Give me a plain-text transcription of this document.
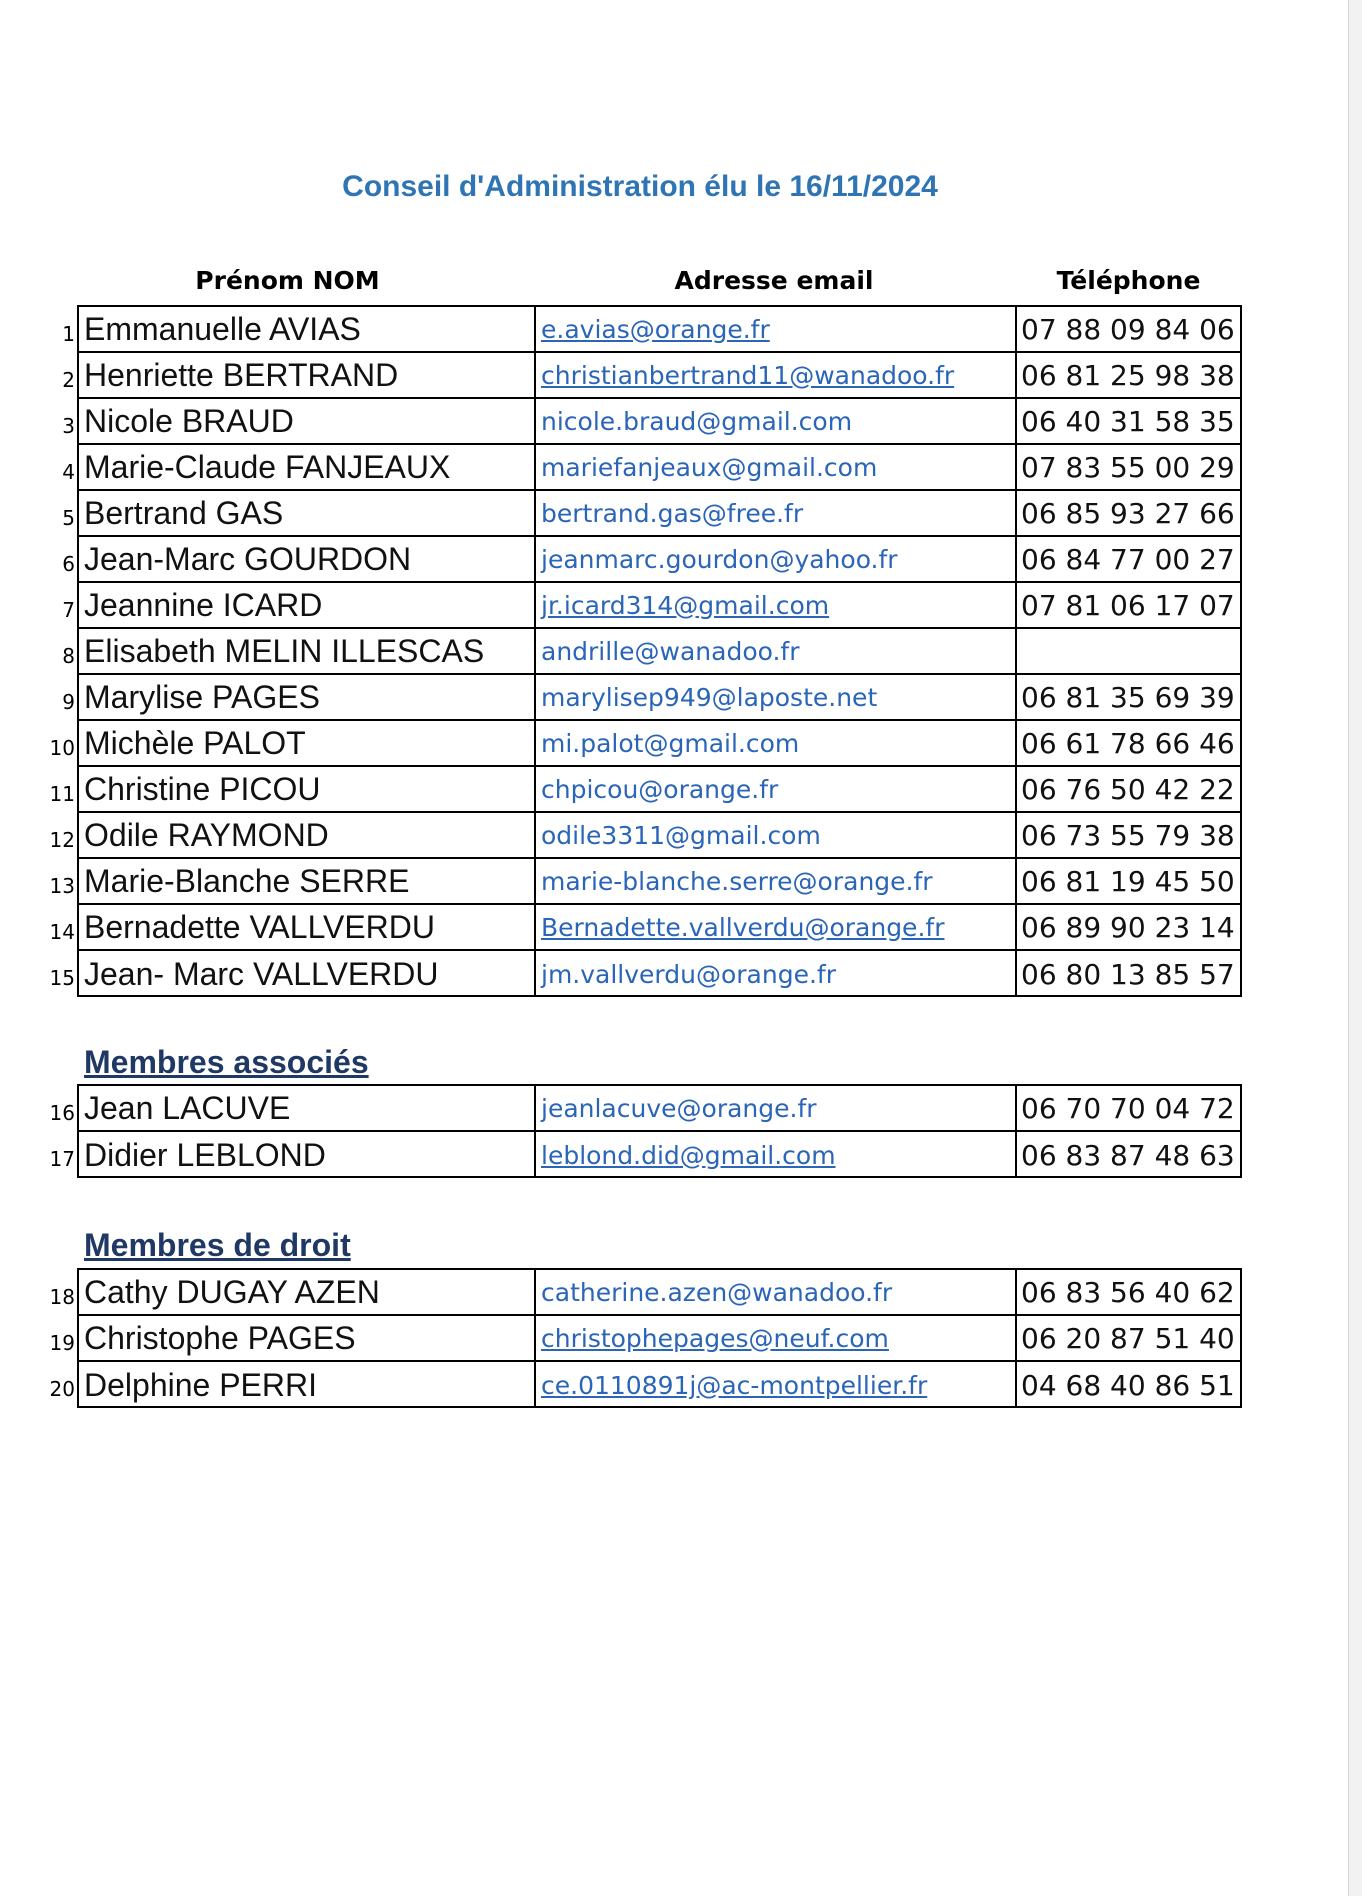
Conseil d'Administration élu le 16/11/2024
Prénom NOM	Adresse email	Téléphone
1 Emmanuelle AVIAS	e.avias@orange.fr	07 88 09 84 06
2 Henriette BERTRAND	christianbertrand11@wanadoo.fr 06 81 25 98 38
3 Nicole BRAUD	nicole.braud@gmail.com	06 40 31 58 35
4 Marie-Claude FANJEAUX	mariefanjeaux@gmail.com	07 83 55 00 29
5 Bertrand GAS	bertrand.gas@free.fr	06 85 93 27 66
6 Jean-Marc GOURDON	jeanmarc.gourdon@yahoo.fr	06 84 77 00 27
7 Jeannine ICARD	jr.icard314@gmail.com	07 81 06 17 07
8 Elisabeth MELIN ILLESCAS	andrille@wanadoo.fr
9 Marylise PAGES	marylisep949@laposte.net	06 81 35 69 39
10 Michèle PALOT	mi.palot@gmail.com	06 61 78 66 46
11 Christine PICOU	chpicou@orange.fr	06 76 50 42 22
12 Odile RAYMOND	odile3311@gmail.com	06 73 55 79 38
13 Marie-Blanche SERRE	marie-blanche.serre@orange.fr	06 81 19 45 50
14 Bernadette VALLVERDU	Bernadette.vallverdu@orange.fr	06 89 90 23 14
15 Jean- Marc VALLVERDU	jm.vallverdu@orange.fr	06 80 13 85 57
Membres associés
16 Jean LACUVE	jeanlacuve@orange.fr	06 70 70 04 72
17 Didier LEBLOND	leblond.did@gmail.com	06 83 87 48 63
Membres de droit
18 Cathy DUGAY AZEN	catherine.azen@wanadoo.fr	06 83 56 40 62
19 Christophe PAGES	christophepages@neuf.com	06 20 87 51 40
20 Delphine PERRI	ce.0110891j@ac-montpellier.fr	04 68 40 86 51
